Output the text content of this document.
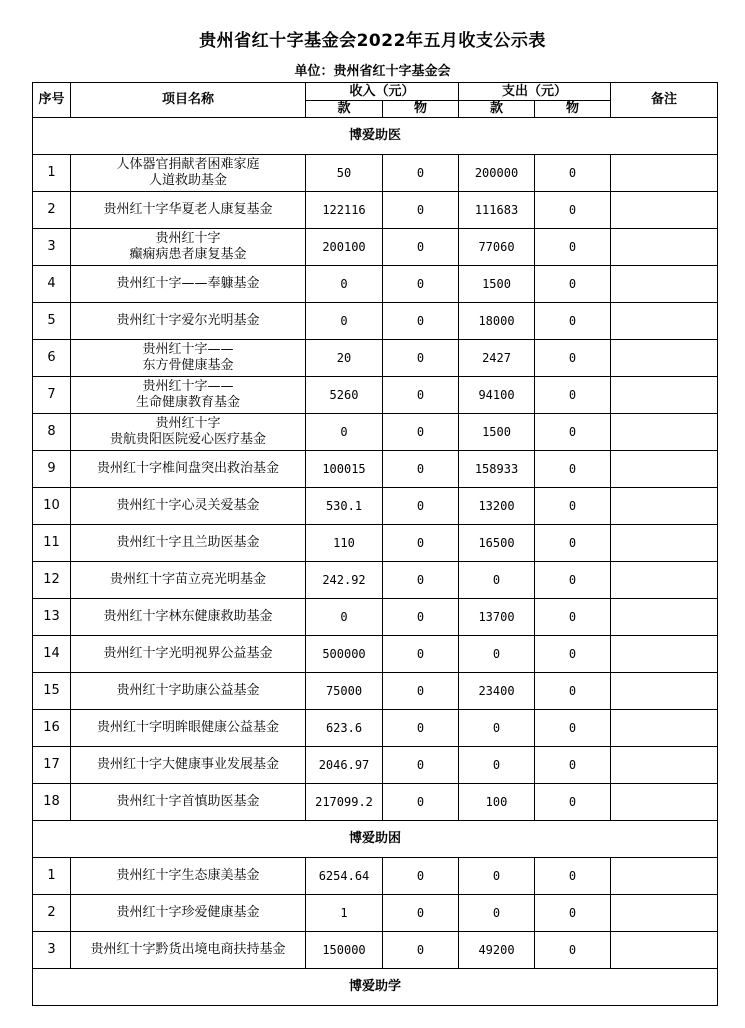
贵州省红十字基金会2022年五月收支公示表
单位：贵州省红十字基金会
序号	项目名称	收入（元）		支出（元）		备注
		款	物	款	物	
博爱助医						
1	人体器官捐献者困难家庭
人道救助基金	50	0	200000	0	
2	贵州红十字华夏老人康复基金	122116	0	111683	0	
3	贵州红十字
癫痫病患者康复基金	200100	0	77060	0	
4	贵州红十字——奉躿基金	0	0	1500	0	
5	贵州红十字爱尔光明基金	0	0	18000	0	
6	贵州红十字——
东方骨健康基金	20	0	2427	0	
7	贵州红十字——
生命健康教育基金	5260	0	94100	0	
8	贵州红十字
贵航贵阳医院爱心医疗基金	0	0	1500	0	
9	贵州红十字椎间盘突出救治基金	100015	0	158933	0	
10	贵州红十字心灵关爱基金	530.1	0	13200	0	
11	贵州红十字且兰助医基金	110	0	16500	0	
12	贵州红十字苗立亮光明基金	242.92	0	0	0	
13	贵州红十字林东健康救助基金	0	0	13700	0	
14	贵州红十字光明视界公益基金	500000	0	0	0	
15	贵州红十字助康公益基金	75000	0	23400	0	
16	贵州红十字明眸眼健康公益基金	623.6	0	0	0	
17	贵州红十字大健康事业发展基金	2046.97	0	0	0	
18	贵州红十字首慎助医基金	217099.2	0	100	0	
博爱助困						
1	贵州红十字生态康美基金	6254.64	0	0	0	
2	贵州红十字珍爱健康基金	1	0	0	0	
3	贵州红十字黔货出境电商扶持基金	150000	0	49200	0	
博爱助学						
